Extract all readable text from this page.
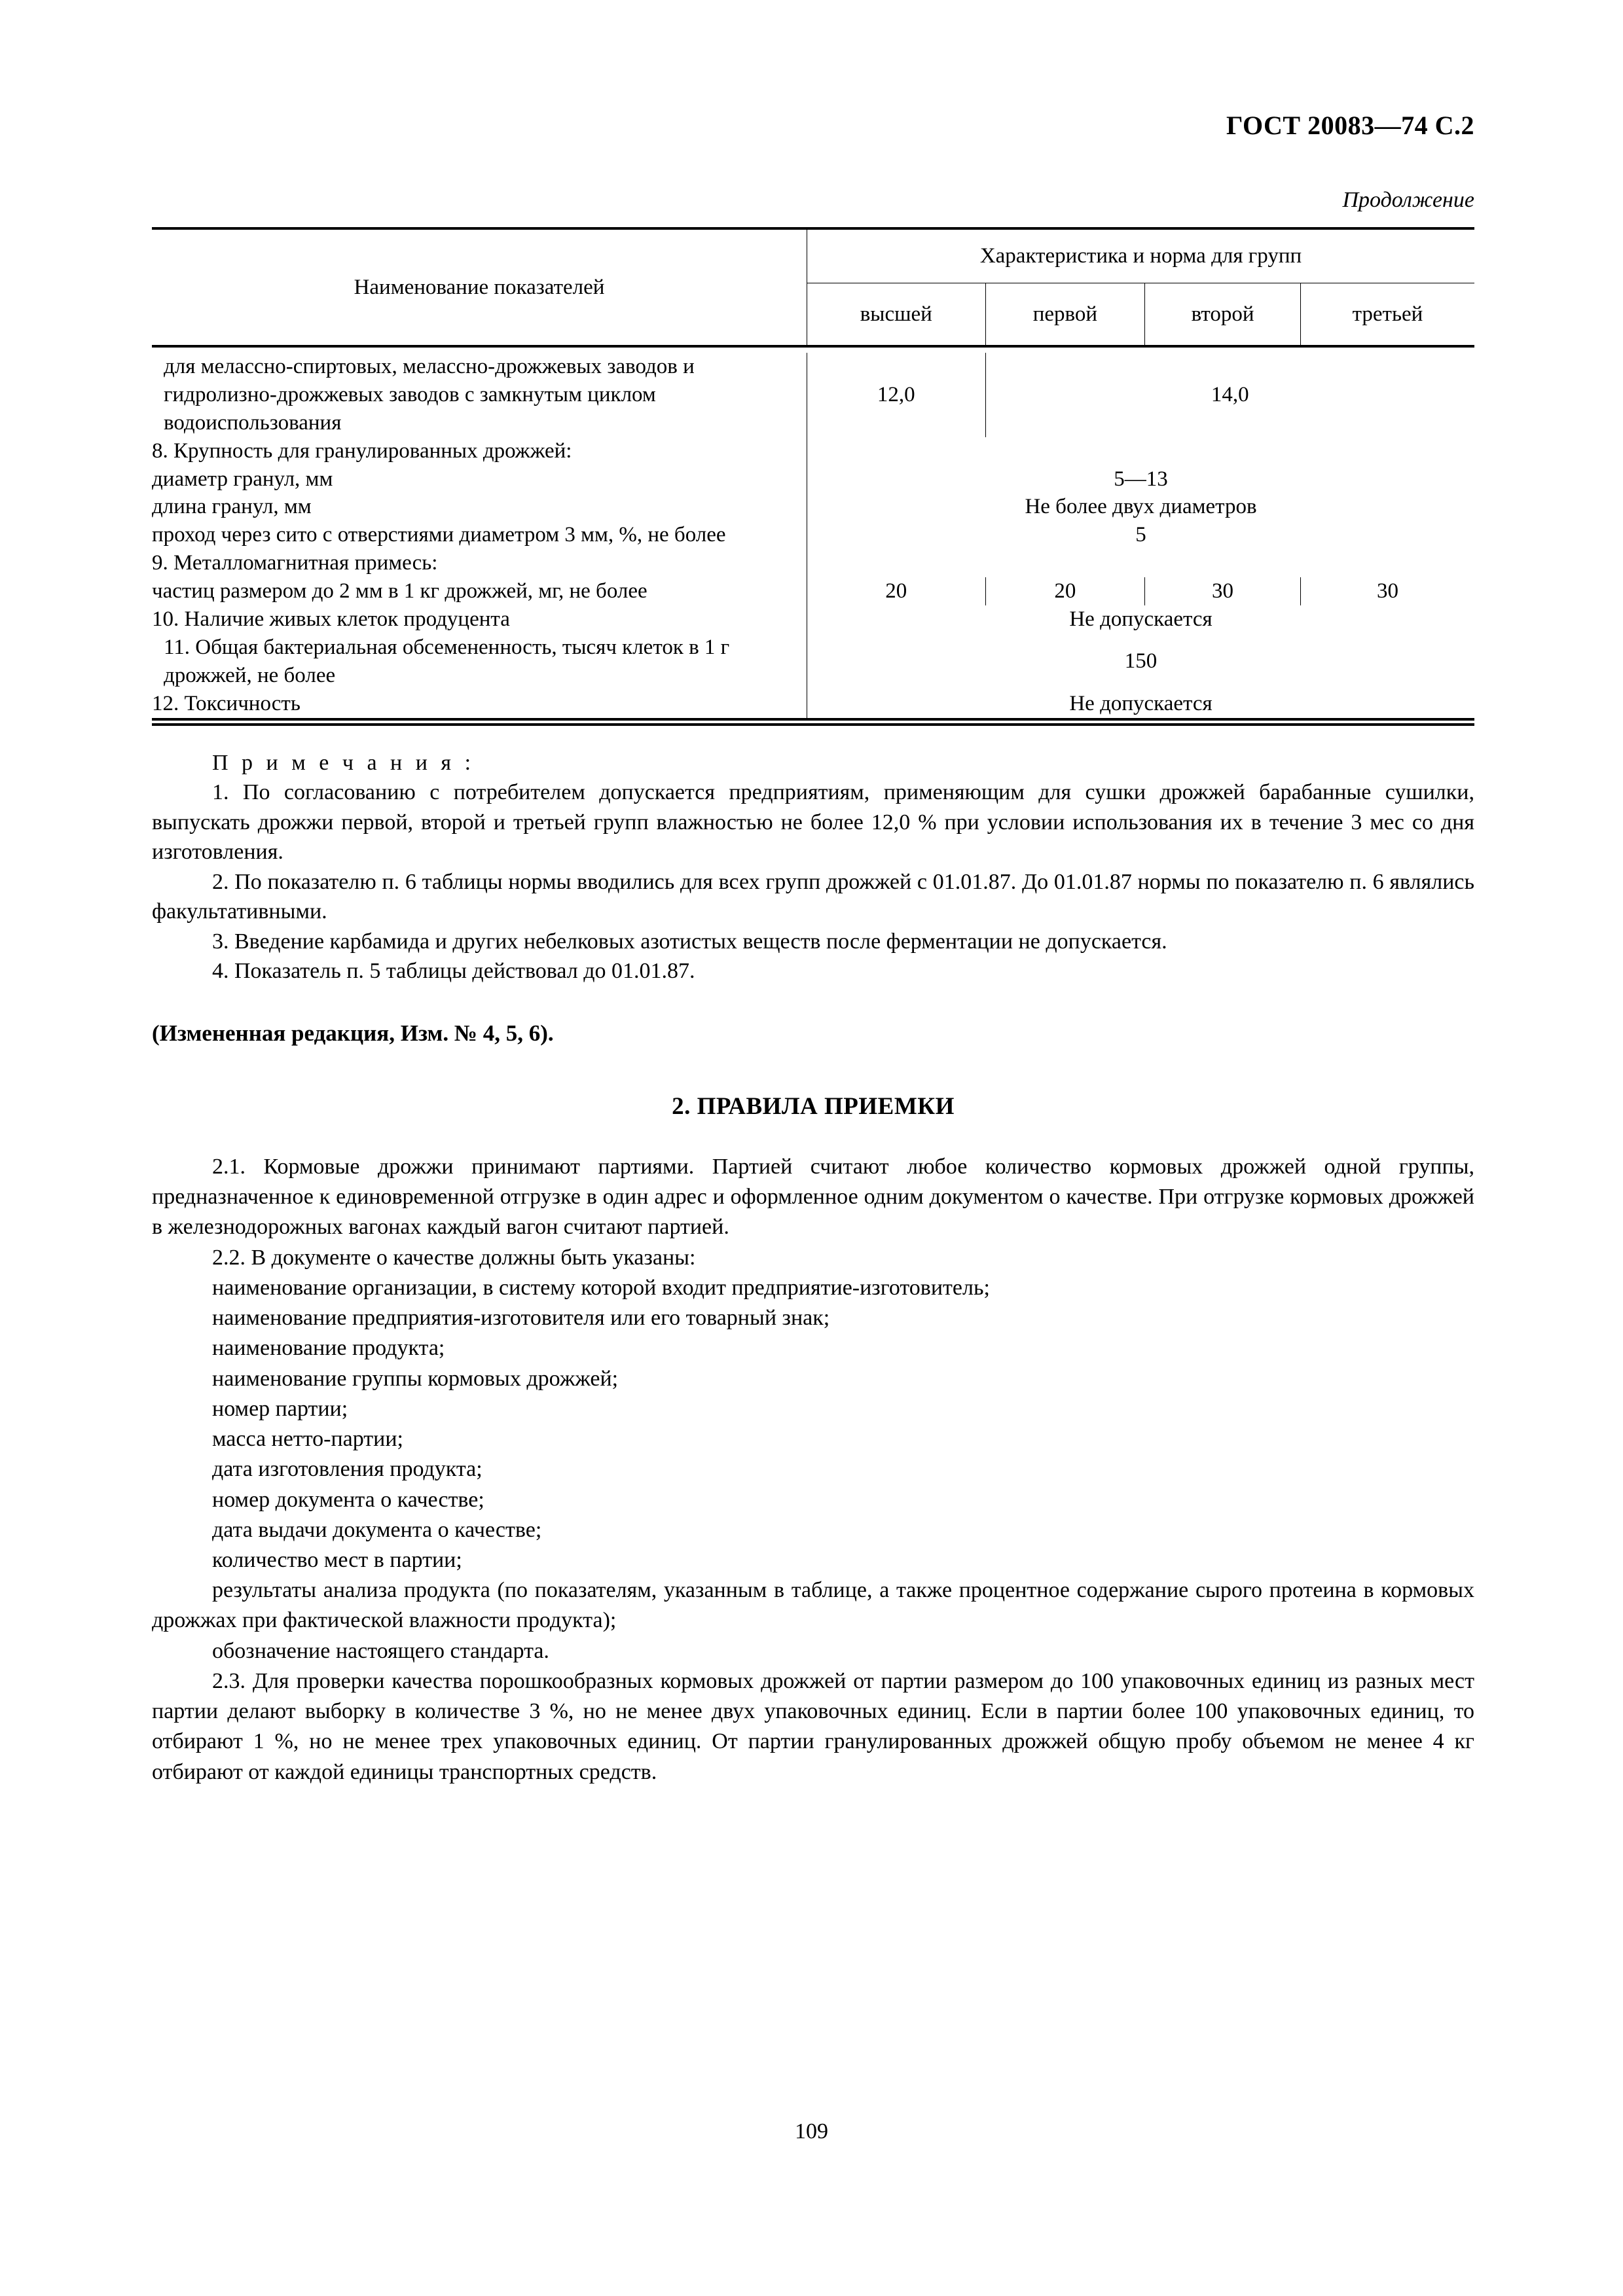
ГОСТ 20083—74 С.2
Продолжение
Наименование показателей	Характеристика и норма для групп			
	высшей	первой	второй	третьей

для мелассно-спиртовых, мелассно-дрожжевых заводов и гидролизно-дрожжевых заводов с замкнутым циклом водоиспользования	12,0	14,0		
8. Крупность для гранулированных дрожжей:				
диаметр гранул, мм	5—13			
длина гранул, мм	Не более двух диаметров			
проход через сито с отверстиями диаметром 3 мм, %, не более	5			
9. Металломагнитная примесь:				
частиц размером до 2 мм в 1 кг дрожжей, мг, не более	20	20	30	30
10. Наличие живых клеток продуцента	Не допускается			
11. Общая бактериальная обсемененность, тысяч клеток в 1 г дрожжей, не более	150			
12. Токсичность	Не допускается			

П р и м е ч а н и я :
1. По согласованию с потребителем допускается предприятиям, применяющим для сушки дрожжей барабанные сушилки, выпускать дрожжи первой, второй и третьей групп влажностью не более 12,0 % при условии использования их в течение 3 мес со дня изготовления.
2. По показателю п. 6 таблицы нормы вводились для всех групп дрожжей с 01.01.87. До 01.01.87 нормы по показателю п. 6 являлись факультативными.
3. Введение карбамида и других небелковых азотистых веществ после ферментации не допускается.
4. Показатель п. 5 таблицы действовал до 01.01.87.
(Измененная редакция, Изм. № 4, 5, 6).
2. ПРАВИЛА ПРИЕМКИ

2.1. Кормовые дрожжи принимают партиями. Партией считают любое количество кормовых дрожжей одной группы, предназначенное к единовременной отгрузке в один адрес и оформленное одним документом о качестве. При отгрузке кормовых дрожжей в железнодорожных вагонах каждый вагон считают партией.

2.2. В документе о качестве должны быть указаны:

наименование организации, в систему которой входит предприятие-изготовитель;

наименование предприятия-изготовителя или его товарный знак;

наименование продукта;

наименование группы кормовых дрожжей;

номер партии;

масса нетто-партии;

дата изготовления продукта;

номер документа о качестве;

дата выдачи документа о качестве;

количество мест в партии;

результаты анализа продукта (по показателям, указанным в таблице, а также процентное содержание сырого протеина в кормовых дрожжах при фактической влажности продукта);

обозначение настоящего стандарта.

2.3. Для проверки качества порошкообразных кормовых дрожжей от партии размером до 100 упаковочных единиц из разных мест партии делают выборку в количестве 3 %, но не менее двух упаковочных единиц. Если в партии более 100 упаковочных единиц, то отбирают 1 %, но не менее трех упаковочных единиц. От партии гранулированных дрожжей общую пробу объемом не менее 4 кг отбирают от каждой единицы транспортных средств.

109
